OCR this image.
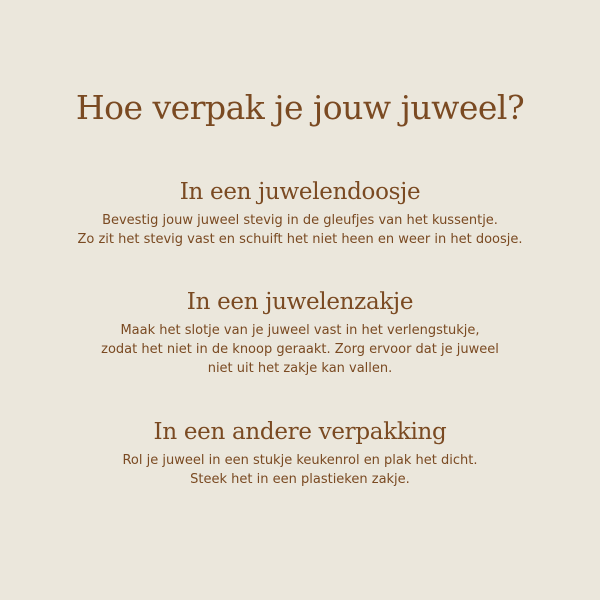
Hoe verpak je jouw juweel?
In een juwelendoosje

Bevestig jouw juweel stevig in de gleufjes van het kussentje.
Zo zit het stevig vast en schuift het niet heen en weer in het doosje.

In een juwelenzakje

Maak het slotje van je juweel vast in het verlengstukje,
zodat het niet in de knoop geraakt. Zorg ervoor dat je juweel
niet uit het zakje kan vallen.

In een andere verpakking

Rol je juweel in een stukje keukenrol en plak het dicht.
Steek het in een plastieken zakje.
